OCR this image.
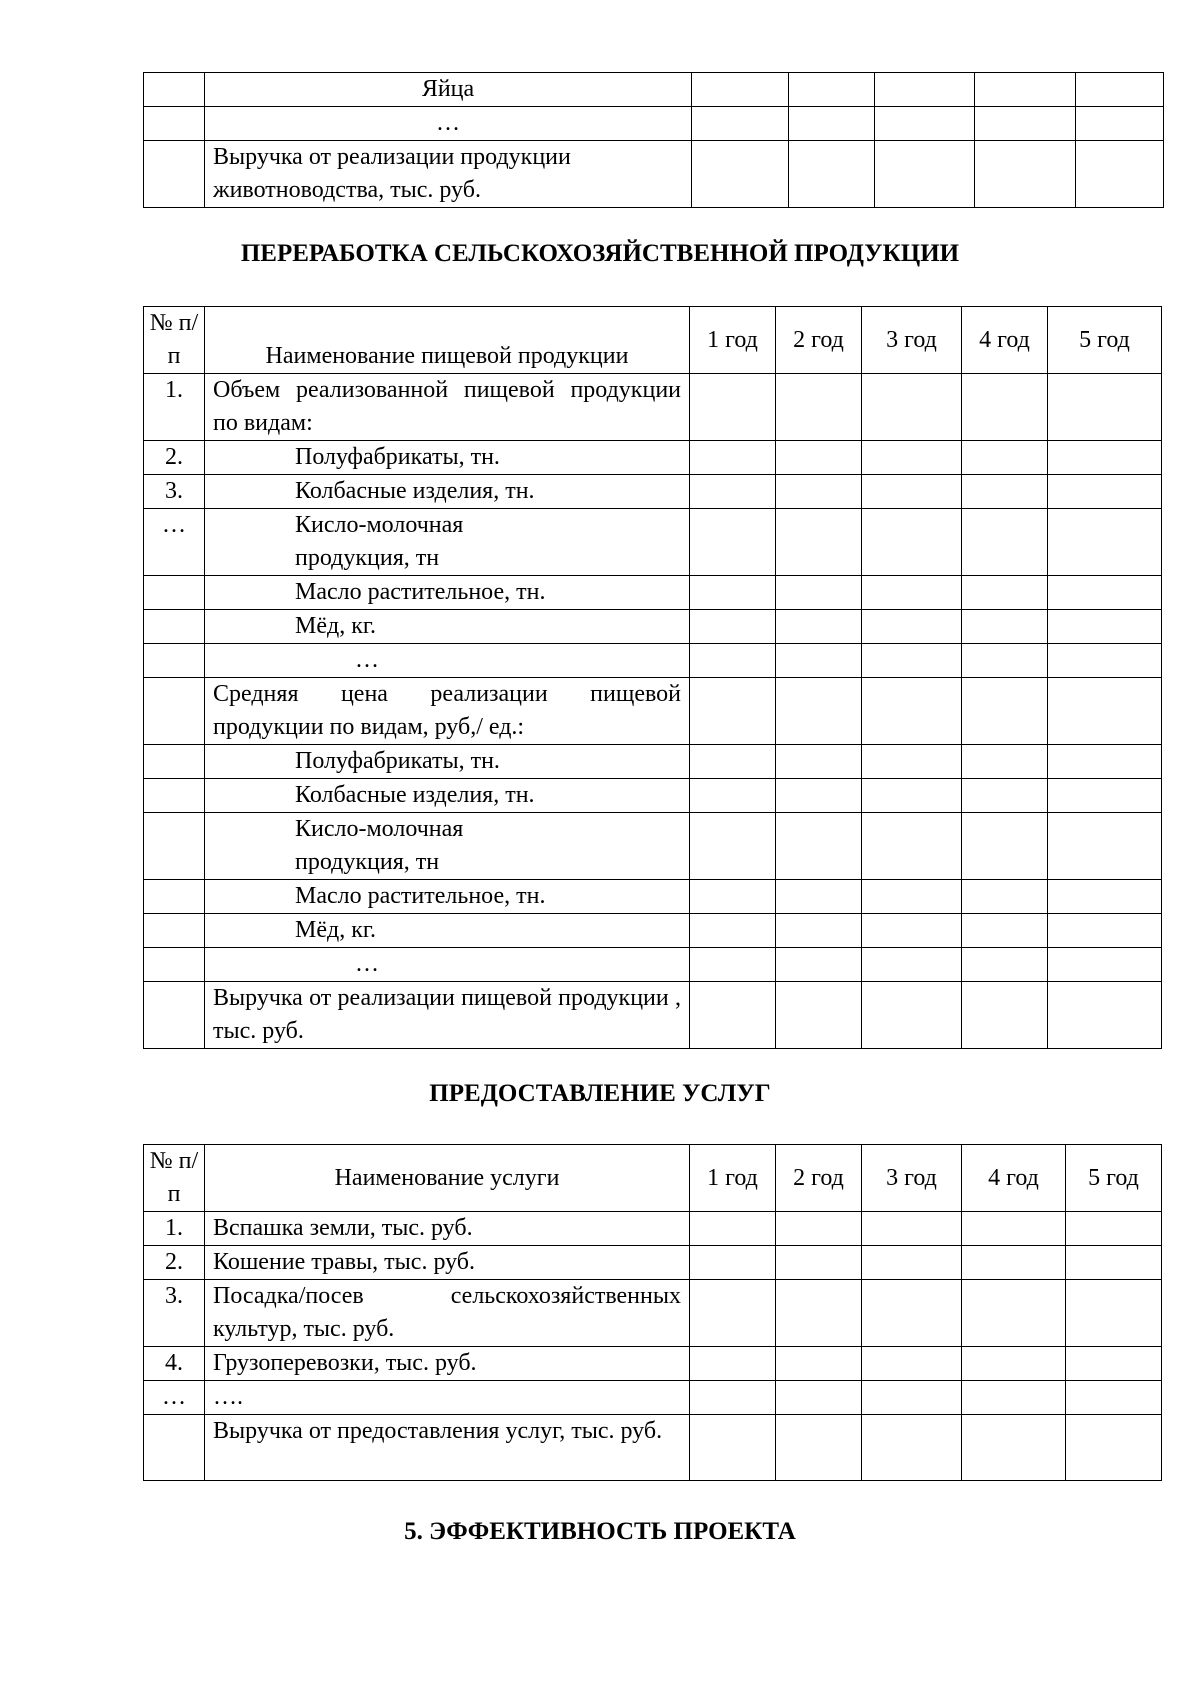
	Яйца					
	…					
	Выручка от реализации продукции животноводства, тыс. руб.					
ПЕРЕРАБОТКА СЕЛЬСКОХОЗЯЙСТВЕННОЙ ПРОДУКЦИИ
№ п/п	Наименование пищевой продукции	1 год	2 год	3 год	4 год	5 год
1.	Объем реализованной пищевой продукции по видам:					
2.	Полуфабрикаты, тн.					
3.	Колбасные изделия, тн.					
…	Кисло-молочная продукция, тн					
	Масло растительное, тн.					
	Мёд, кг.					
	…					
	Средняя цена реализации пищевой продукции по видам, руб,/ ед.:					
	Полуфабрикаты, тн.					
	Колбасные изделия, тн.					
	Кисло-молочная продукция, тн					
	Масло растительное, тн.					
	Мёд, кг.					
	…					
	Выручка от реализации пищевой продукции , тыс. руб.					
ПРЕДОСТАВЛЕНИЕ УСЛУГ
№ п/п	Наименование услуги	1 год	2 год	3 год	4 год	5 год
1.	Вспашка земли, тыс. руб.					
2.	Кошение травы, тыс. руб.					
3.	Посадка/посев сельскохозяйственных культур, тыс. руб.					
4.	Грузоперевозки, тыс. руб.					
…	….					
	Выручка от предоставления услуг, тыс. руб.					
5. ЭФФЕКТИВНОСТЬ ПРОЕКТА
